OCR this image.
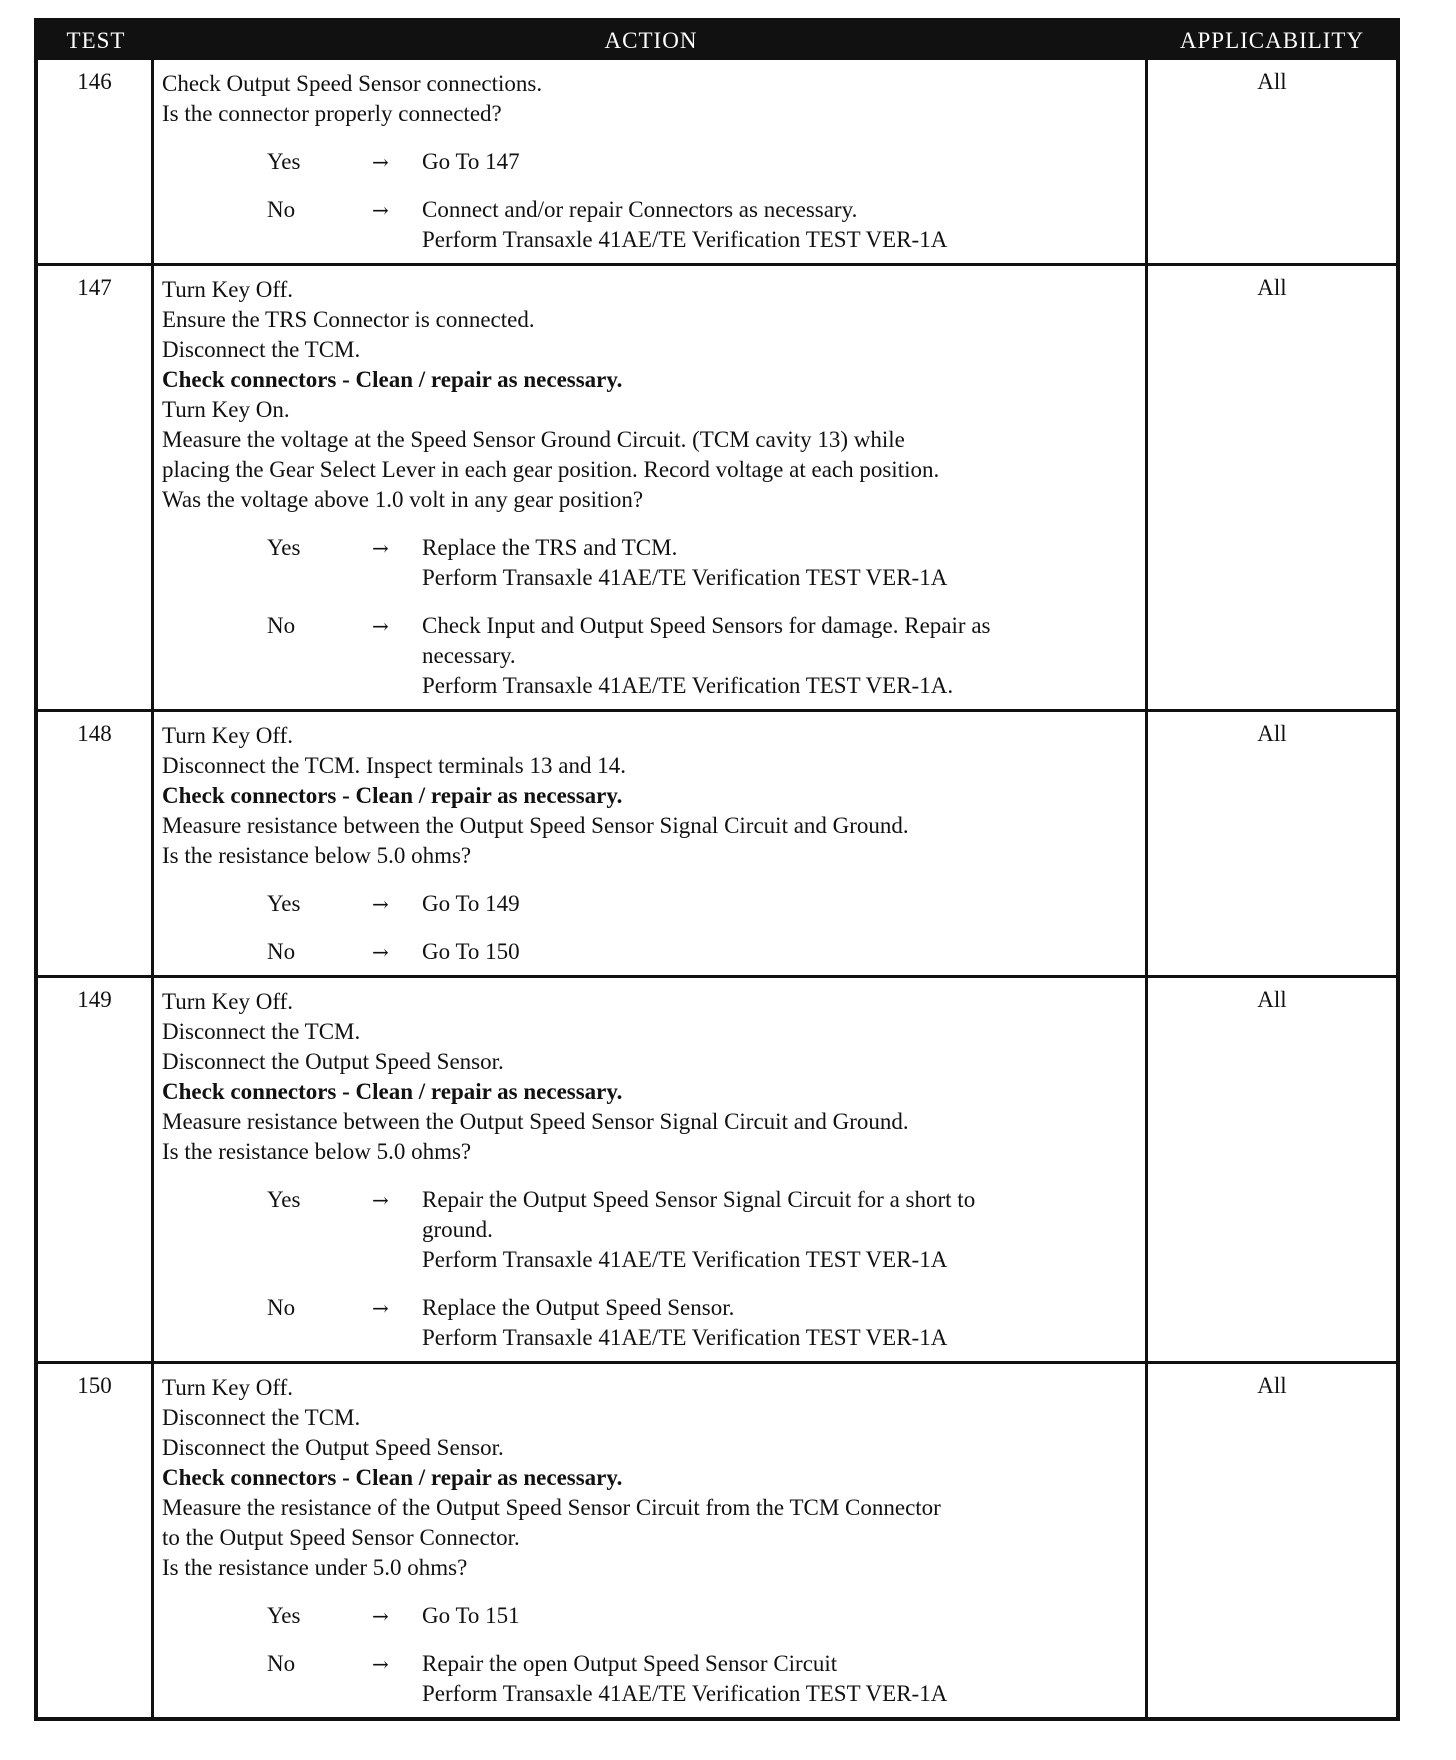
TEST	ACTION	APPLICABILITY
146	Check Output Speed Sensor connections.
Is the connector properly connected?
Yes	→	Go To 147
No	→	Connect and/or repair Connectors as necessary.
Perform Transaxle 41AE/TE Verification TEST VER-1A
All
147	Turn Key Off.
Ensure the TRS Connector is connected.
Disconnect the TCM.
Check connectors - Clean / repair as necessary.
Turn Key On.
Measure the voltage at the Speed Sensor Ground Circuit. (TCM cavity 13) while
placing the Gear Select Lever in each gear position. Record voltage at each position.
Was the voltage above 1.0 volt in any gear position?
Yes	→	Replace the TRS and TCM.
Perform Transaxle 41AE/TE Verification TEST VER-1A
No	→	Check Input and Output Speed Sensors for damage. Repair as
necessary.
Perform Transaxle 41AE/TE Verification TEST VER-1A.
All
148	Turn Key Off.
Disconnect the TCM. Inspect terminals 13 and 14.
Check connectors - Clean / repair as necessary.
Measure resistance between the Output Speed Sensor Signal Circuit and Ground.
Is the resistance below 5.0 ohms?
Yes	→	Go To 149
No	→	Go To 150
All
149	Turn Key Off.
Disconnect the TCM.
Disconnect the Output Speed Sensor.
Check connectors - Clean / repair as necessary.
Measure resistance between the Output Speed Sensor Signal Circuit and Ground.
Is the resistance below 5.0 ohms?
Yes	→	Repair the Output Speed Sensor Signal Circuit for a short to
ground.
Perform Transaxle 41AE/TE Verification TEST VER-1A
No	→	Replace the Output Speed Sensor.
Perform Transaxle 41AE/TE Verification TEST VER-1A
All
150	Turn Key Off.
Disconnect the TCM.
Disconnect the Output Speed Sensor.
Check connectors - Clean / repair as necessary.
Measure the resistance of the Output Speed Sensor Circuit from the TCM Connector
to the Output Speed Sensor Connector.
Is the resistance under 5.0 ohms?
Yes	→	Go To 151
No	→	Repair the open Output Speed Sensor Circuit
Perform Transaxle 41AE/TE Verification TEST VER-1A
All
